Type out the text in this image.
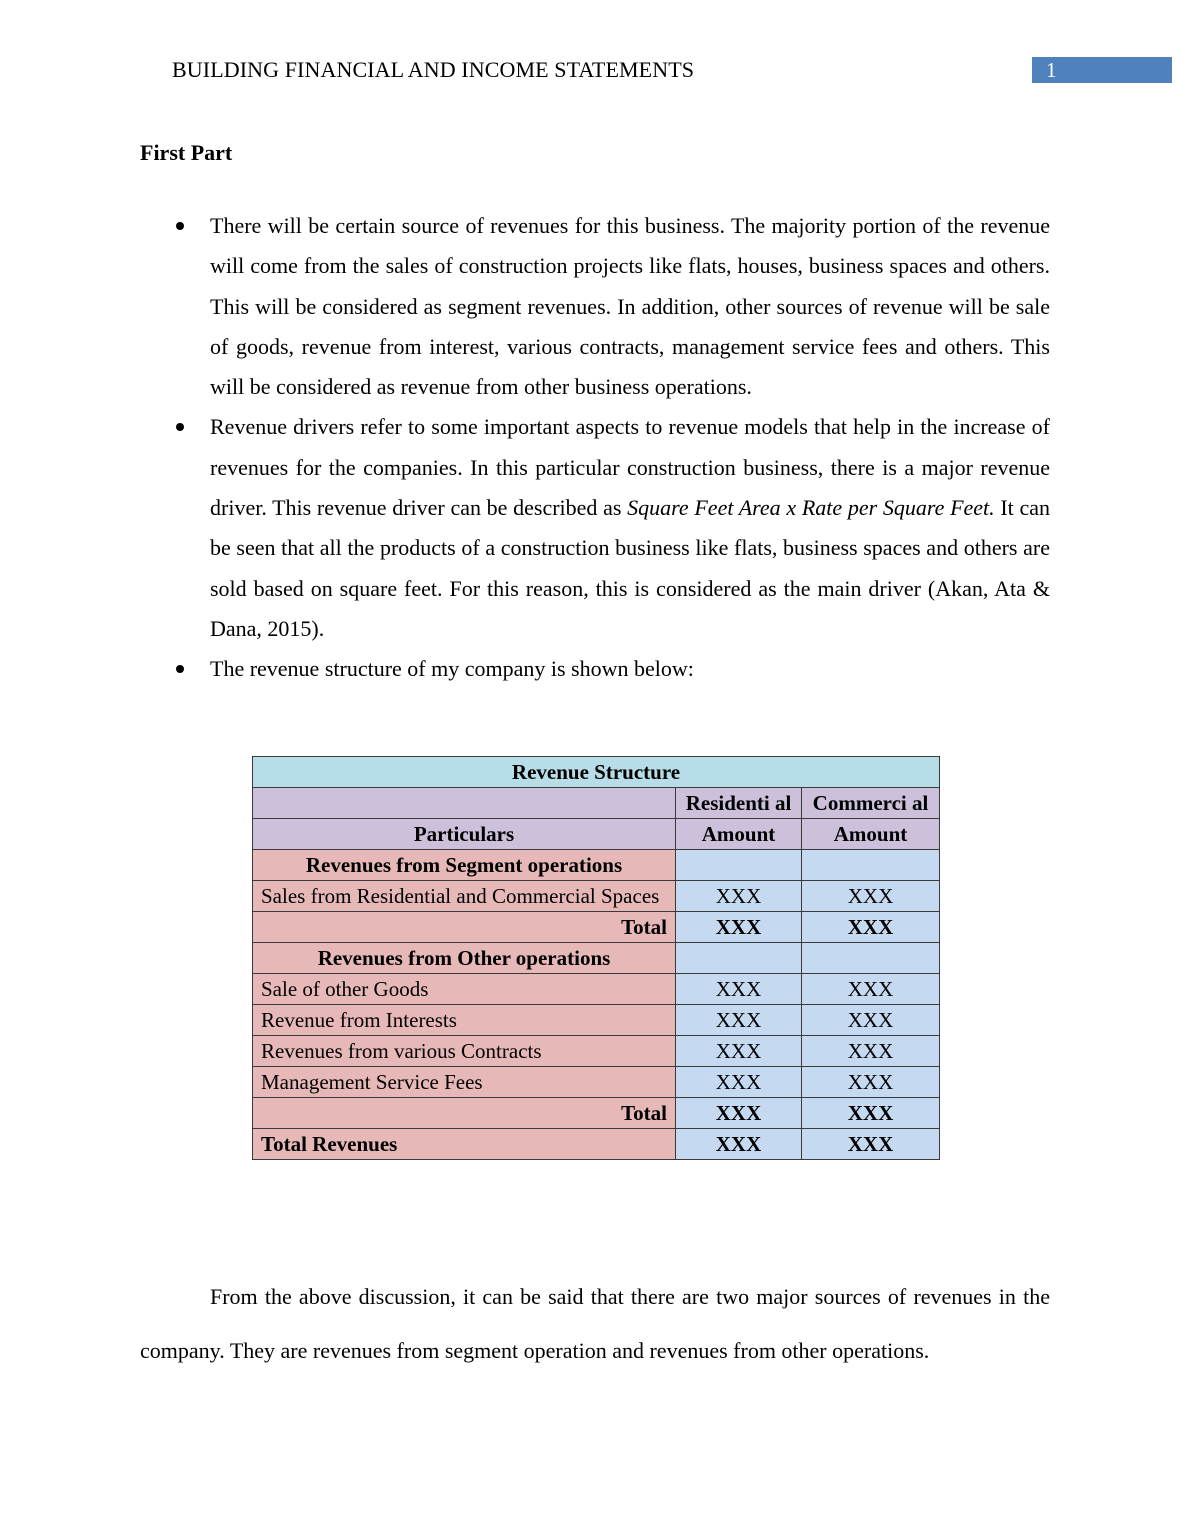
BUILDING FINANCIAL AND INCOME STATEMENTS	1
First Part
There will be certain source of revenues for this business. The majority portion of the revenue will come from the sales of construction projects like flats, houses, business spaces and others. This will be considered as segment revenues. In addition, other sources of revenue will be sale of goods, revenue from interest, various contracts, management service fees and others. This will be considered as revenue from other business operations.
Revenue drivers refer to some important aspects to revenue models that help in the increase of revenues for the companies. In this particular construction business, there is a major revenue driver. This revenue driver can be described as Square Feet Area x Rate per Square Feet. It can be seen that all the products of a construction business like flats, business spaces and others are sold based on square feet. For this reason, this is considered as the main driver (Akan, Ata & Dana, 2015).
The revenue structure of my company is shown below:
Revenue Structure		
	Residenti al	Commerci al
Particulars	Amount	Amount
Revenues from Segment operations		
Sales from Residential and Commercial Spaces	XXX	XXX
Total	XXX	XXX
Revenues from Other operations		
Sale of other Goods	XXX	XXX
Revenue from Interests	XXX	XXX
Revenues from various Contracts	XXX	XXX
Management Service Fees	XXX	XXX
Total	XXX	XXX
Total Revenues	XXX	XXX

From the above discussion, it can be said that there are two major sources of revenues in the company. They are revenues from segment operation and revenues from other operations.
